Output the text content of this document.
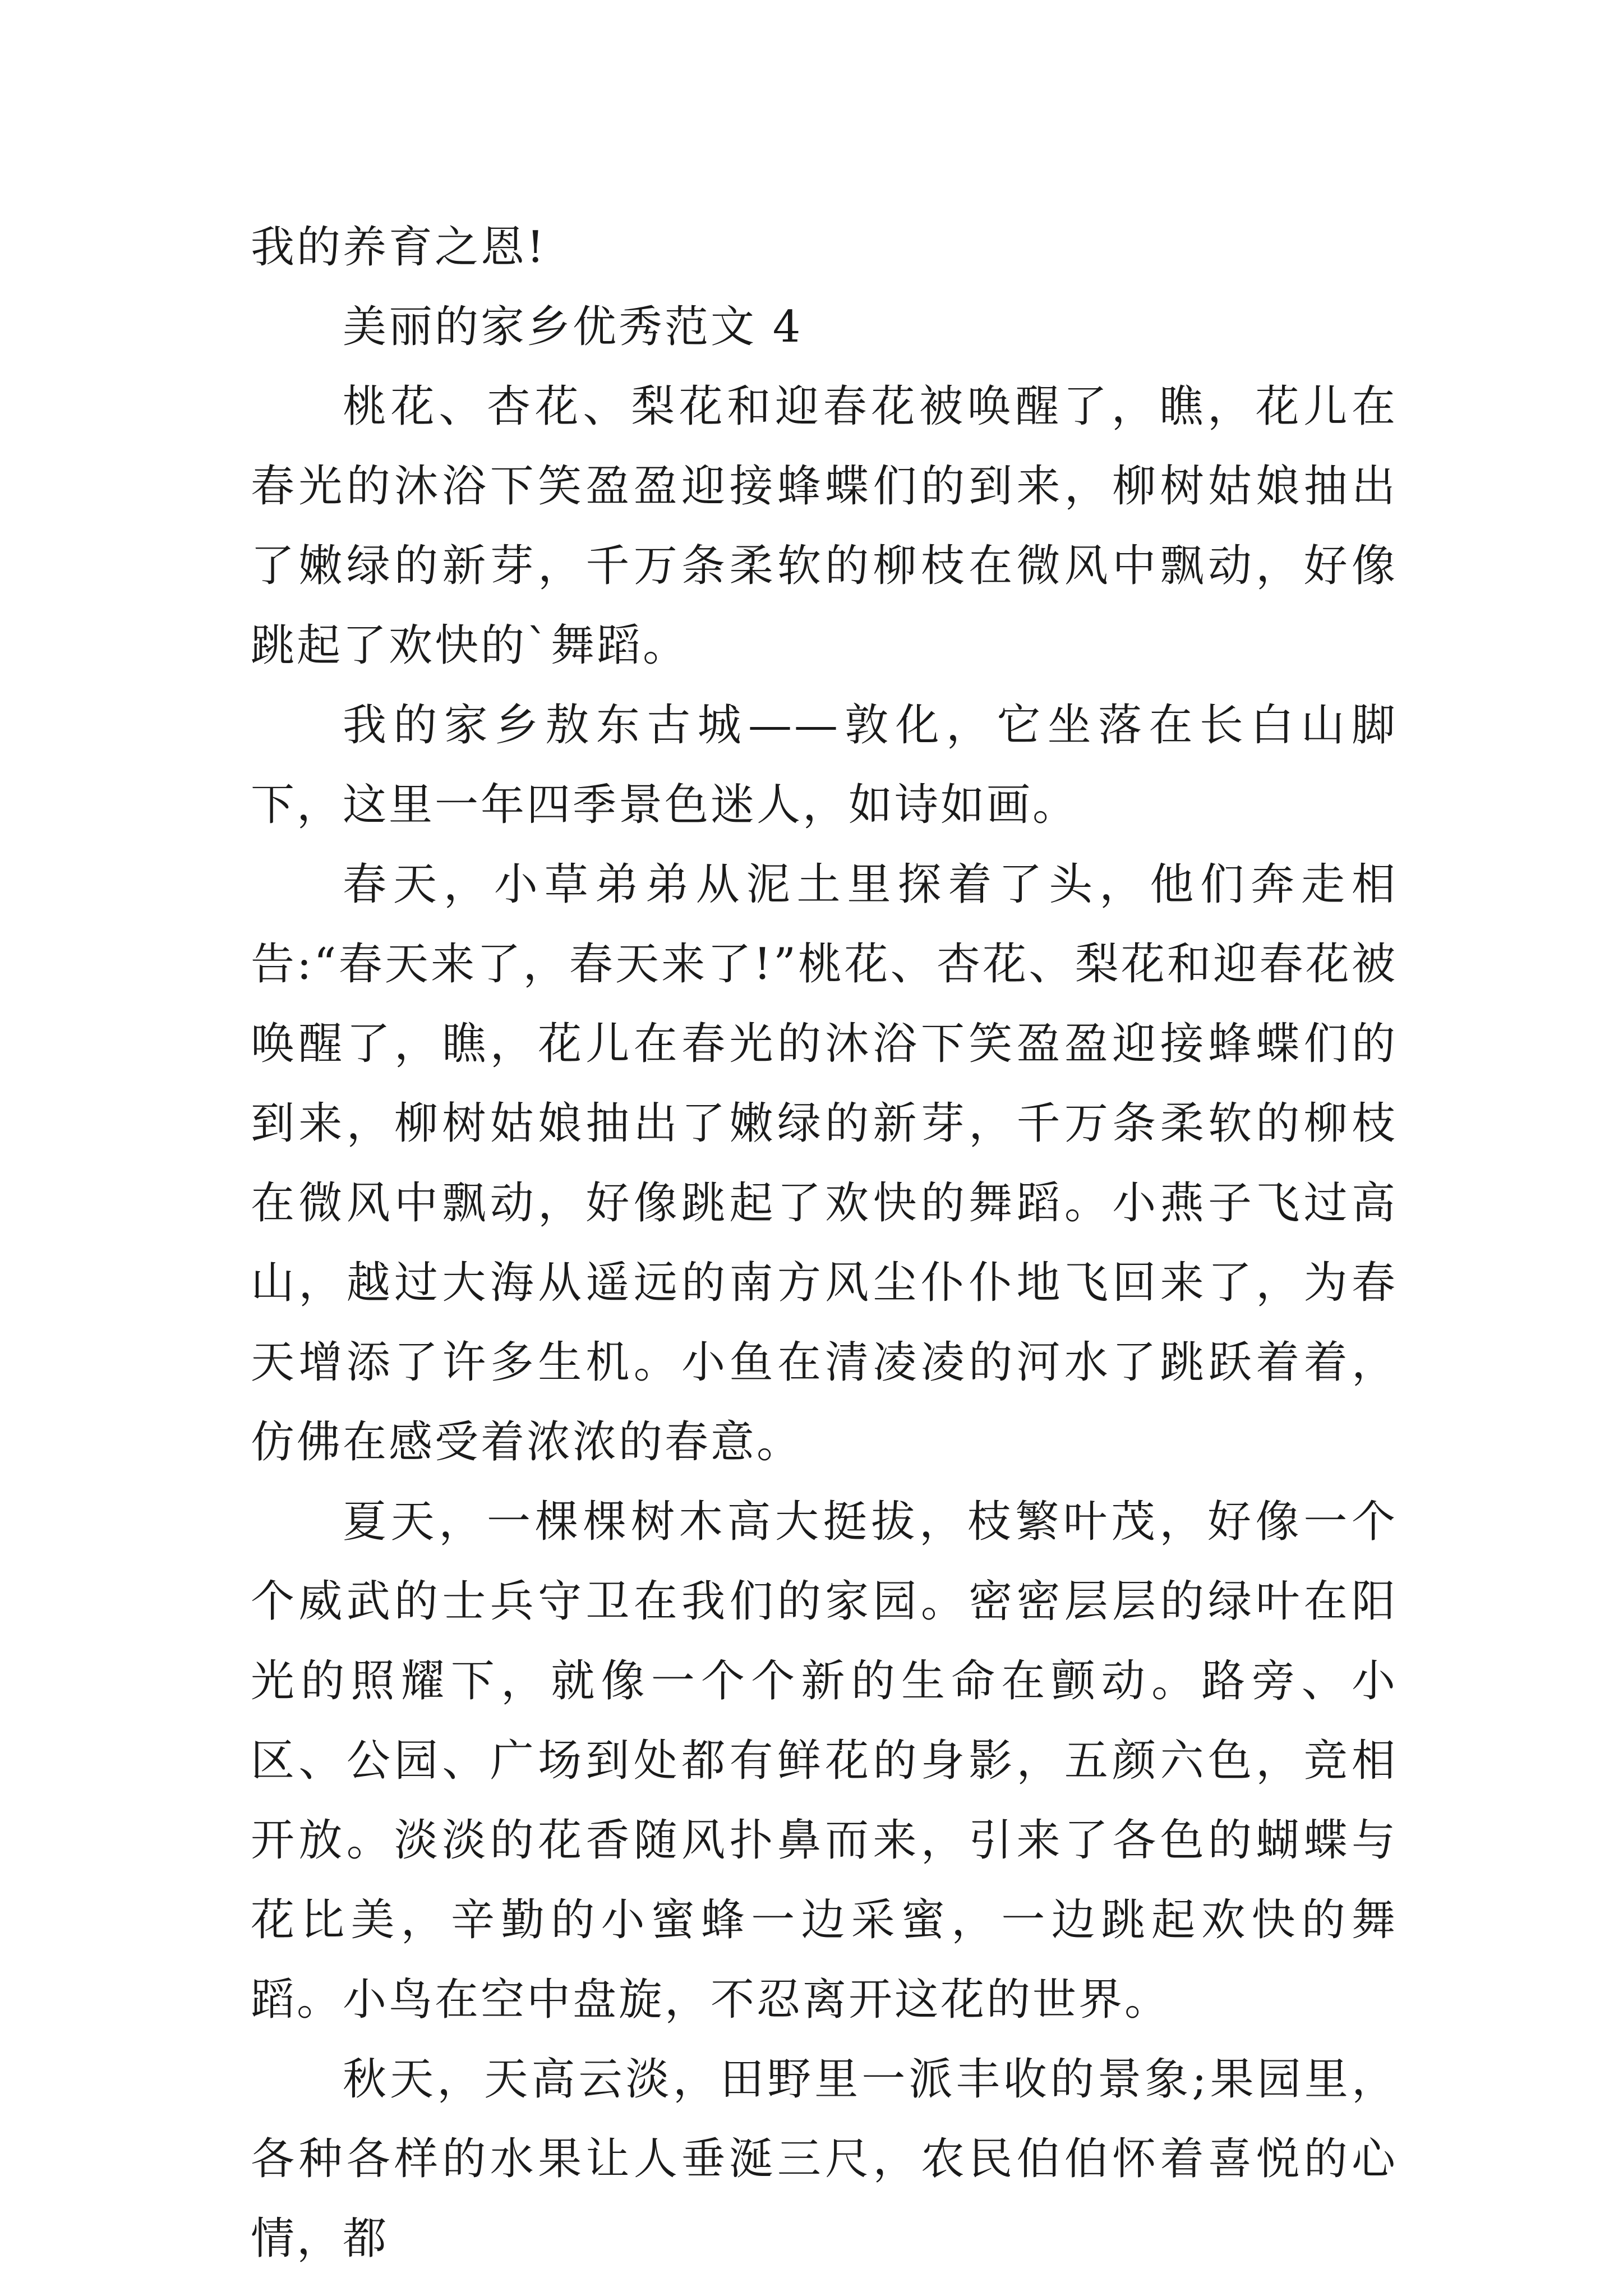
我的养育之恩!

美丽的家乡优秀范文 4

桃花、杏花、梨花和迎春花被唤醒了，瞧，花儿在春光的沐浴下笑盈盈迎接蜂蝶们的到来，柳树姑娘抽出了嫩绿的新芽，千万条柔软的柳枝在微风中飘动，好像跳起了欢快的`舞蹈。

我的家乡敖东古城——敦化，它坐落在长白山脚下，这里一年四季景色迷人，如诗如画。

春天，小草弟弟从泥土里探着了头，他们奔走相告:“春天来了，春天来了!”桃花、杏花、梨花和迎春花被唤醒了，瞧，花儿在春光的沐浴下笑盈盈迎接蜂蝶们的到来，柳树姑娘抽出了嫩绿的新芽，千万条柔软的柳枝在微风中飘动，好像跳起了欢快的舞蹈。小燕子飞过高山，越过大海从遥远的南方风尘仆仆地飞回来了，为春天增添了许多生机。小鱼在清凌凌的河水了跳跃着着，仿佛在感受着浓浓的春意。

夏天，一棵棵树木高大挺拔，枝繁叶茂，好像一个个威武的士兵守卫在我们的家园。密密层层的绿叶在阳光的照耀下，就像一个个新的生命在颤动。路旁、小区、公园、广场到处都有鲜花的身影，五颜六色，竞相开放。淡淡的花香随风扑鼻而来，引来了各色的蝴蝶与花比美，辛勤的小蜜蜂一边采蜜，一边跳起欢快的舞蹈。小鸟在空中盘旋，不忍离开这花的世界。

秋天，天高云淡，田野里一派丰收的景象;果园里，各种各样的水果让人垂涎三尺，农民伯伯怀着喜悦的心情，都
